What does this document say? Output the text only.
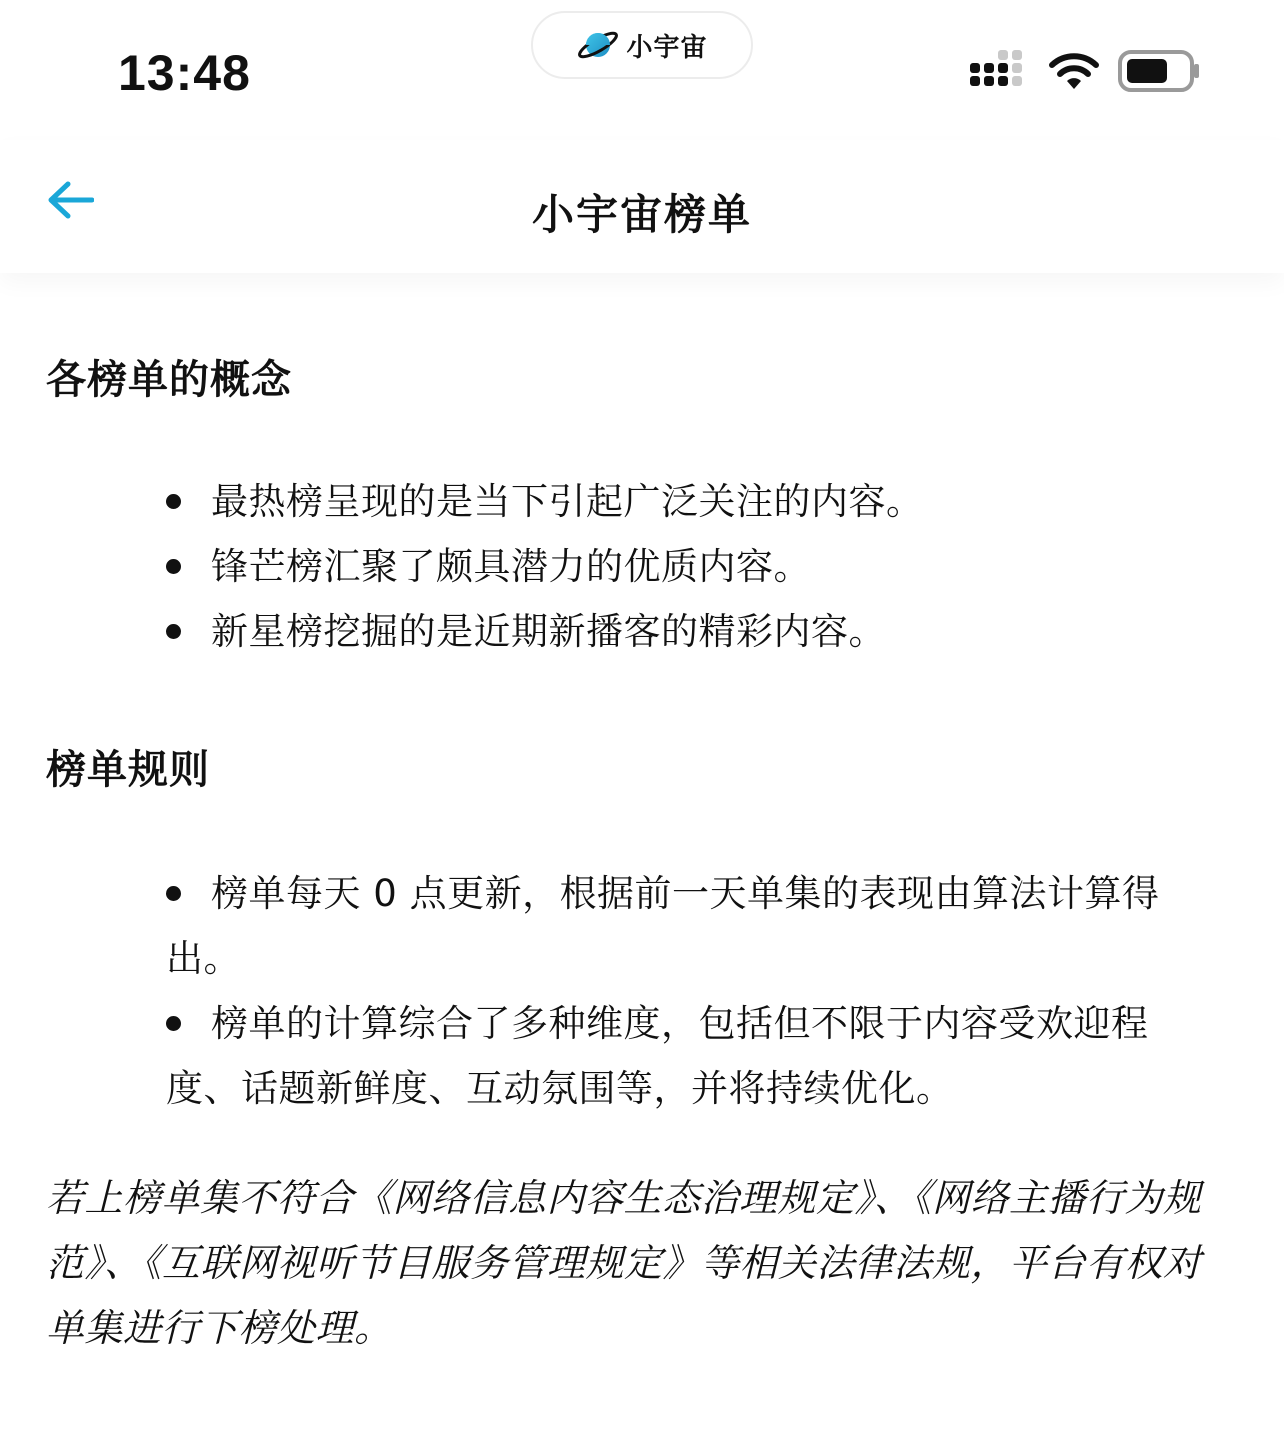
13:48	小宇宙
小宇宙榜单
各榜单的概念
最热榜呈现的是当下引起广泛关注的内容。
锋芒榜汇聚了颇具潜力的优质内容。
新星榜挖掘的是近期新播客的精彩内容。
榜单规则
榜单每天 0 点更新，根据前一天单集的表现由算法计算得出。
榜单的计算综合了多种维度，包括但不限于内容受欢迎程度、话题新鲜度、互动氛围等，并将持续优化。

若上榜单集不符合《网络信息内容生态治理规定》、《网络主播行为规范》、《互联网视听节目服务管理规定》等相关法律法规，平台有权对单集进行下榜处理。
